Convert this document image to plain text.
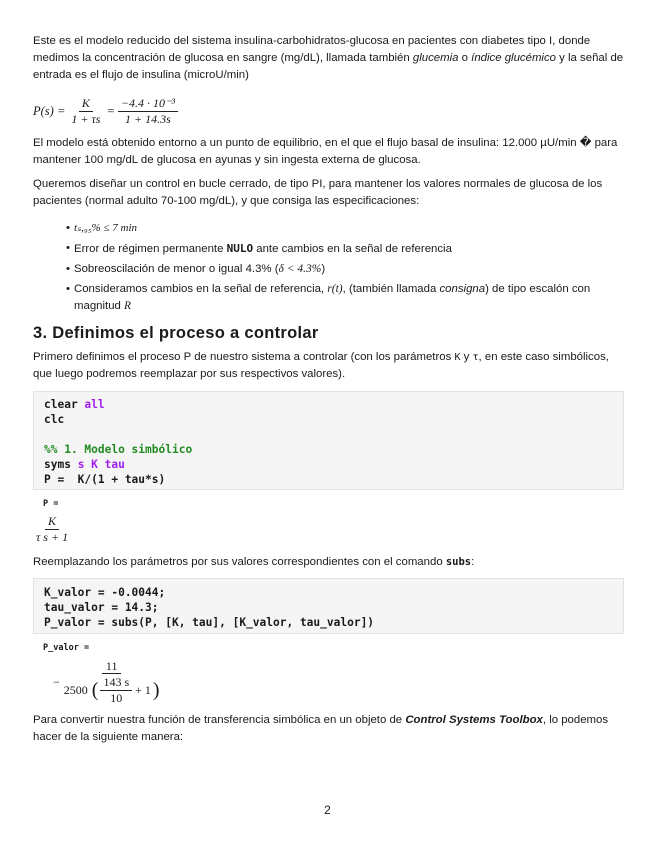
Este es el modelo reducido del sistema insulina-carbohidratos-glucosa en pacientes con diabetes tipo I, donde medimos la concentración de glucosa en sangre (mg/dL), llamada también glucemia o índice glucémico y la señal de entrada es el flujo de insulina (microU/min)

$P(s) = \frac{K}{1 + \tau s} = \frac{\text{−4.4 · 10⁻³}}{1 + 14.3s}$

El modelo está obtenido entorno a un punto de equilibrio, en el que el flujo basal de insulina: 12.000 µU/min � para mantener 100 mg/dL de glucosa en ayunas y sin ingesta externa de glucosa.

Queremos diseñar un control en bucle cerrado, de tipo PI, para mantener los valores normales de glucosa de los pacientes (normal adulto 70-100 mg/dL), y que consiga las especificaciones:

• tₛ,₉₅% ≤ 7 min
• Error de régimen permanente NULO ante cambios en la señal de referencia
• Sobreoscilación de menor o igual 4.3% (δ < 4.3%)
• Consideramos cambios en la señal de referencia, r(t), (también llamada consigna) de tipo escalón con magnitud R
3. Definimos el proceso a controlar

Primero definimos el proceso P de nuestro sistema a controlar (con los parámetros K y τ, en este caso simbólicos, que luego podremos reemplazar por sus respectivos valores).

clear all
clc
%% 1. Modelo simbólico
syms s K tau
P =  K/(1 + tau*s)
P =
$\frac{K}{\text{τ s + 1}}$

Reemplazando los parámetros por sus valores correspondientes con el comando subs:

K_valor = -0.0044;
tau_valor = 14.3;
P_valor = subs(P, [K, tau], [K_valor, tau_valor])
P_valor =
−
11
2500 ( $\frac{143 s}{10} + 1$ )

Para convertir nuestra función de transferencia simbólica en un objeto de Control Systems Toolbox, lo podemos hacer de la siguiente manera:

2
